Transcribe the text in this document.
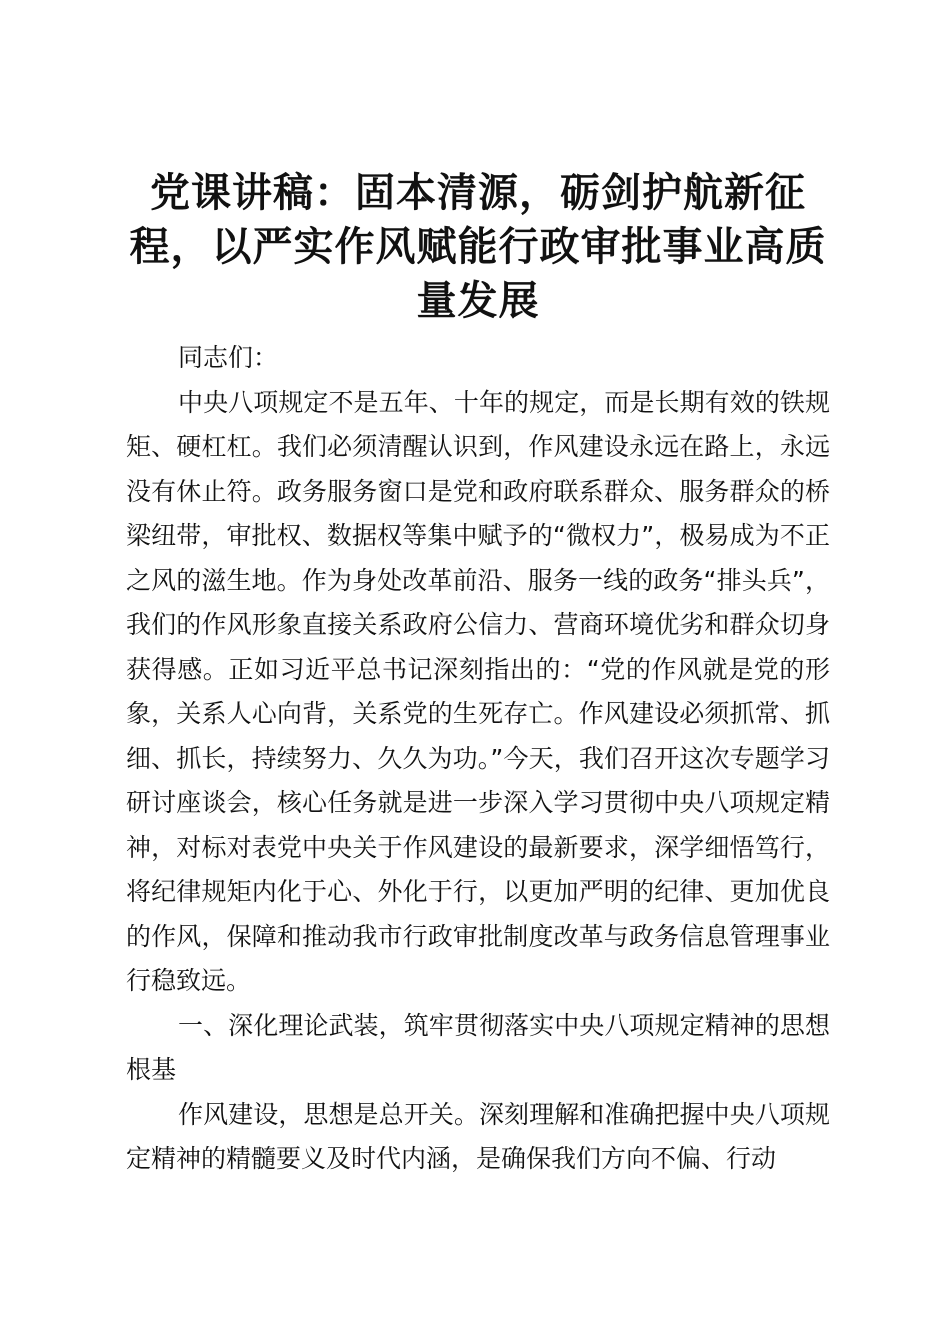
党课讲稿：固本清源，砺剑护航新征程，以严实作风赋能行政审批事业高质量发展

同志们：

中央八项规定不是五年、十年的规定，而是长期有效的铁规矩、硬杠杠。我们必须清醒认识到，作风建设永远在路上，永远没有休止符。政务服务窗口是党和政府联系群众、服务群众的桥梁纽带，审批权、数据权等集中赋予的“微权力”，极易成为不正之风的滋生地。作为身处改革前沿、服务一线的政务“排头兵”，我们的作风形象直接关系政府公信力、营商环境优劣和群众切身获得感。正如习近平总书记深刻指出的：“党的作风就是党的形象，关系人心向背，关系党的生死存亡。作风建设必须抓常、抓细、抓长，持续努力、久久为功。”今天，我们召开这次专题学习研讨座谈会，核心任务就是进一步深入学习贯彻中央八项规定精神，对标对表党中央关于作风建设的最新要求，深学细悟笃行，将纪律规矩内化于心、外化于行，以更加严明的纪律、更加优良的作风，保障和推动我市行政审批制度改革与政务信息管理事业行稳致远。

一、深化理论武装，筑牢贯彻落实中央八项规定精神的思想根基

作风建设，思想是总开关。深刻理解和准确把握中央八项规定精神的精髓要义及时代内涵，是确保我们方向不偏、行动
